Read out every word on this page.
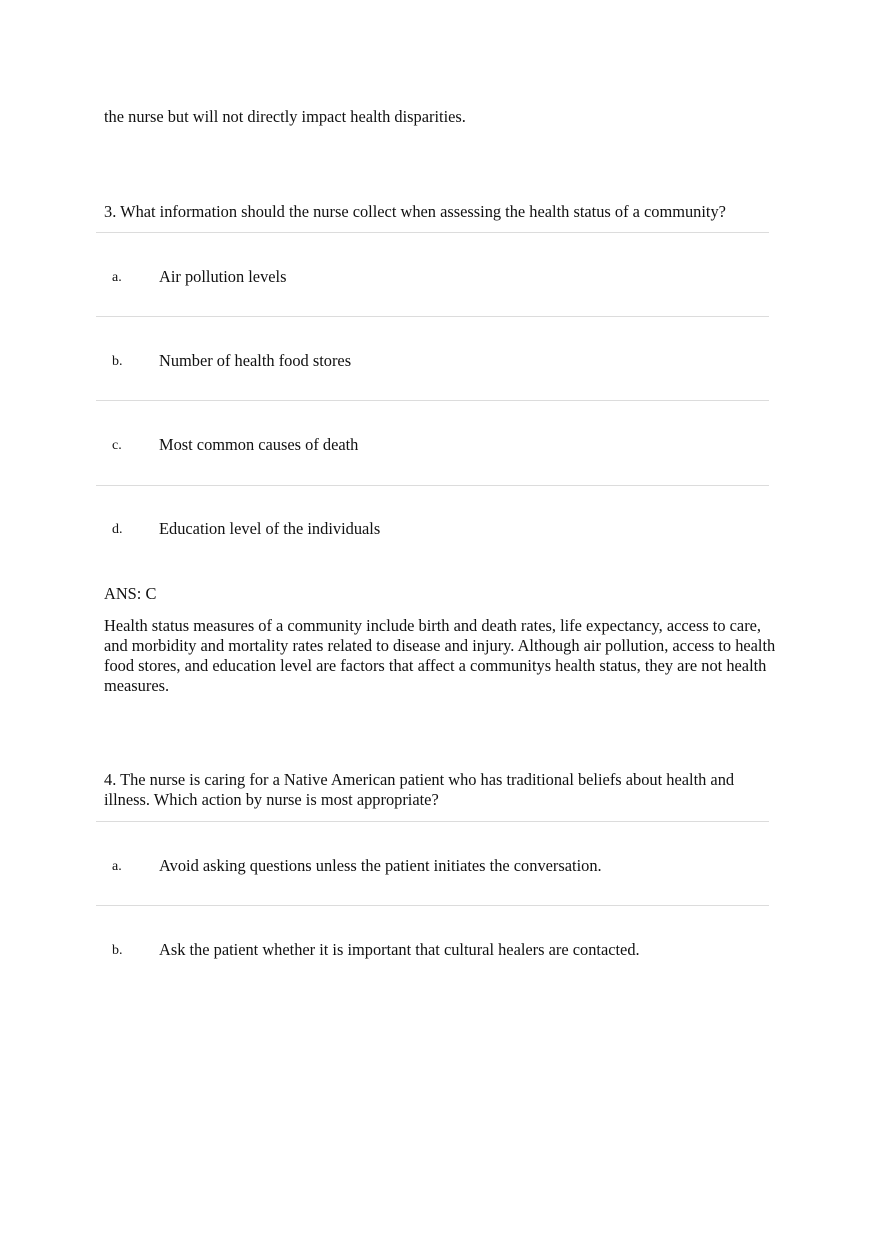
the nurse but will not directly impact health disparities.
3. What information should the nurse collect when assessing the health status of a community?
a. Air pollution levels
b. Number of health food stores
c. Most common causes of death
d. Education level of the individuals
ANS: C
Health status measures of a community include birth and death rates, life expectancy, access to care, and morbidity and mortality rates related to disease and injury. Although air pollution, access to health food stores, and education level are factors that affect a communitys health status, they are not health measures.
4. The nurse is caring for a Native American patient who has traditional beliefs about health and illness. Which action by nurse is most appropriate?
a. Avoid asking questions unless the patient initiates the conversation.
b. Ask the patient whether it is important that cultural healers are contacted.
